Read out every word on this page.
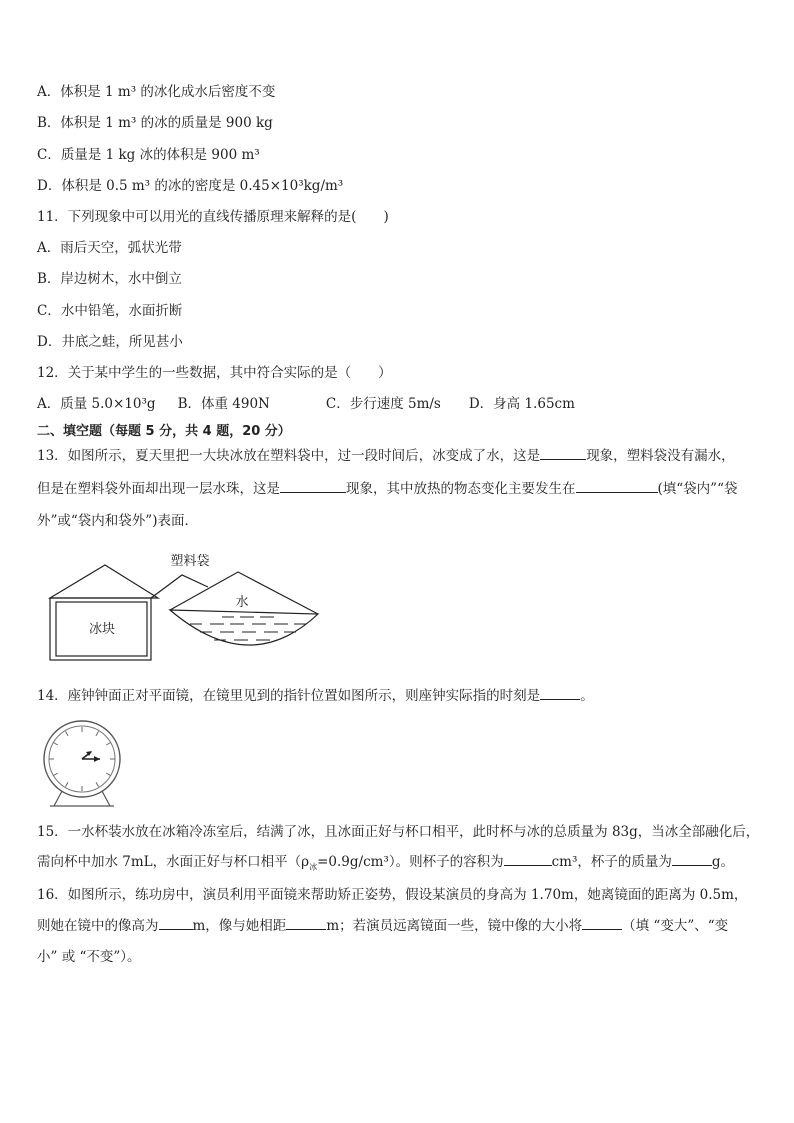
A．体积是 1 m³ 的冰化成水后密度不变
B．体积是 1 m³ 的冰的质量是 900 kg
C．质量是 1 kg 冰的体积是 900 m³
D．体积是 0.5 m³ 的冰的密度是 0.45×10³kg/m³
11．下列现象中可以用光的直线传播原理来解释的是(　　)
A．雨后天空，弧状光带
B．岸边树木，水中倒立
C．水中铅笔，水面折断
D．井底之蛙，所见甚小
12．关于某中学生的一些数据，其中符合实际的是（　　）
A．质量 5.0×10³g B．体重 490N	C．步行速度 5m/s D．身高 1.65cm
二、填空题（每题 5 分，共 4 题，20 分）
13．如图所示，夏天里把一大块冰放在塑料袋中，过一段时间后，冰变成了水，这是	现象，塑料袋没有漏水，
但是在塑料袋外面却出现一层水珠，这是	现象，其中放热的物态变化主要发生在	(填“袋内”“袋
外”或“袋内和袋外”)表面．
冰块
塑料袋
水
14．座钟钟面正对平面镜，在镜里见到的指针位置如图所示，则座钟实际指的时刻是	。
15．一水杯装水放在冰箱冷冻室后，结满了冰，且冰面正好与杯口相平，此时杯与冰的总质量为 83g，当冰全部融化后，
需向杯中加水 7mL，水面正好与杯口相平$(\rho_冰=0.9g/cm^3)$。则杯子的容积为	cm³，杯子的质量为	g。
16．如图所示，练功房中，演员利用平面镜来帮助矫正姿势，假设某演员的身高为 1.70m，她离镜面的距离为 0.5m，
则她在镜中的像高为	m，像与她相距	m；若演员远离镜面一些，镜中像的大小将	（填 “变大”、“变
小” 或 “不变”）。
